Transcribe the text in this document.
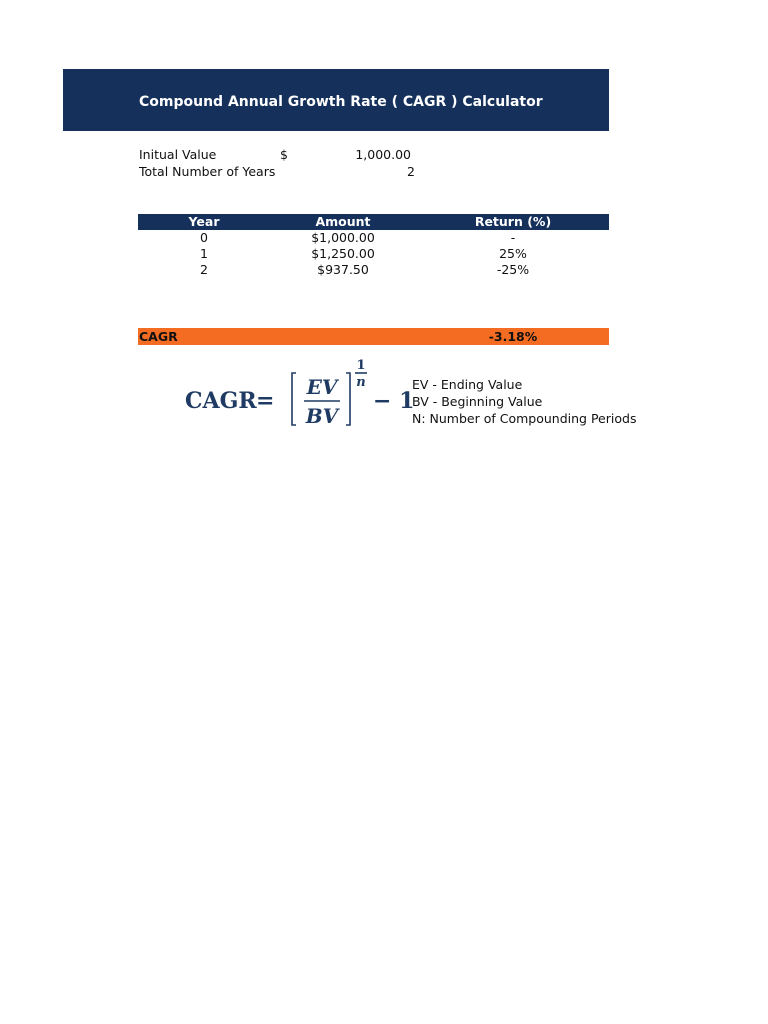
Compound Annual Growth Rate ( CAGR ) Calculator
Initual Value	$	1,000.00
Total Number of Years	2
Year	Amount	Return (%)
0	$1,000.00	-
1	$1,250.00	25%
2	$937.50	-25%
CAGR	-3.18%
CAGR =
EV
BV
1
n
− 1
EV - Ending Value
BV - Beginning Value
N: Number of Compounding Periods
